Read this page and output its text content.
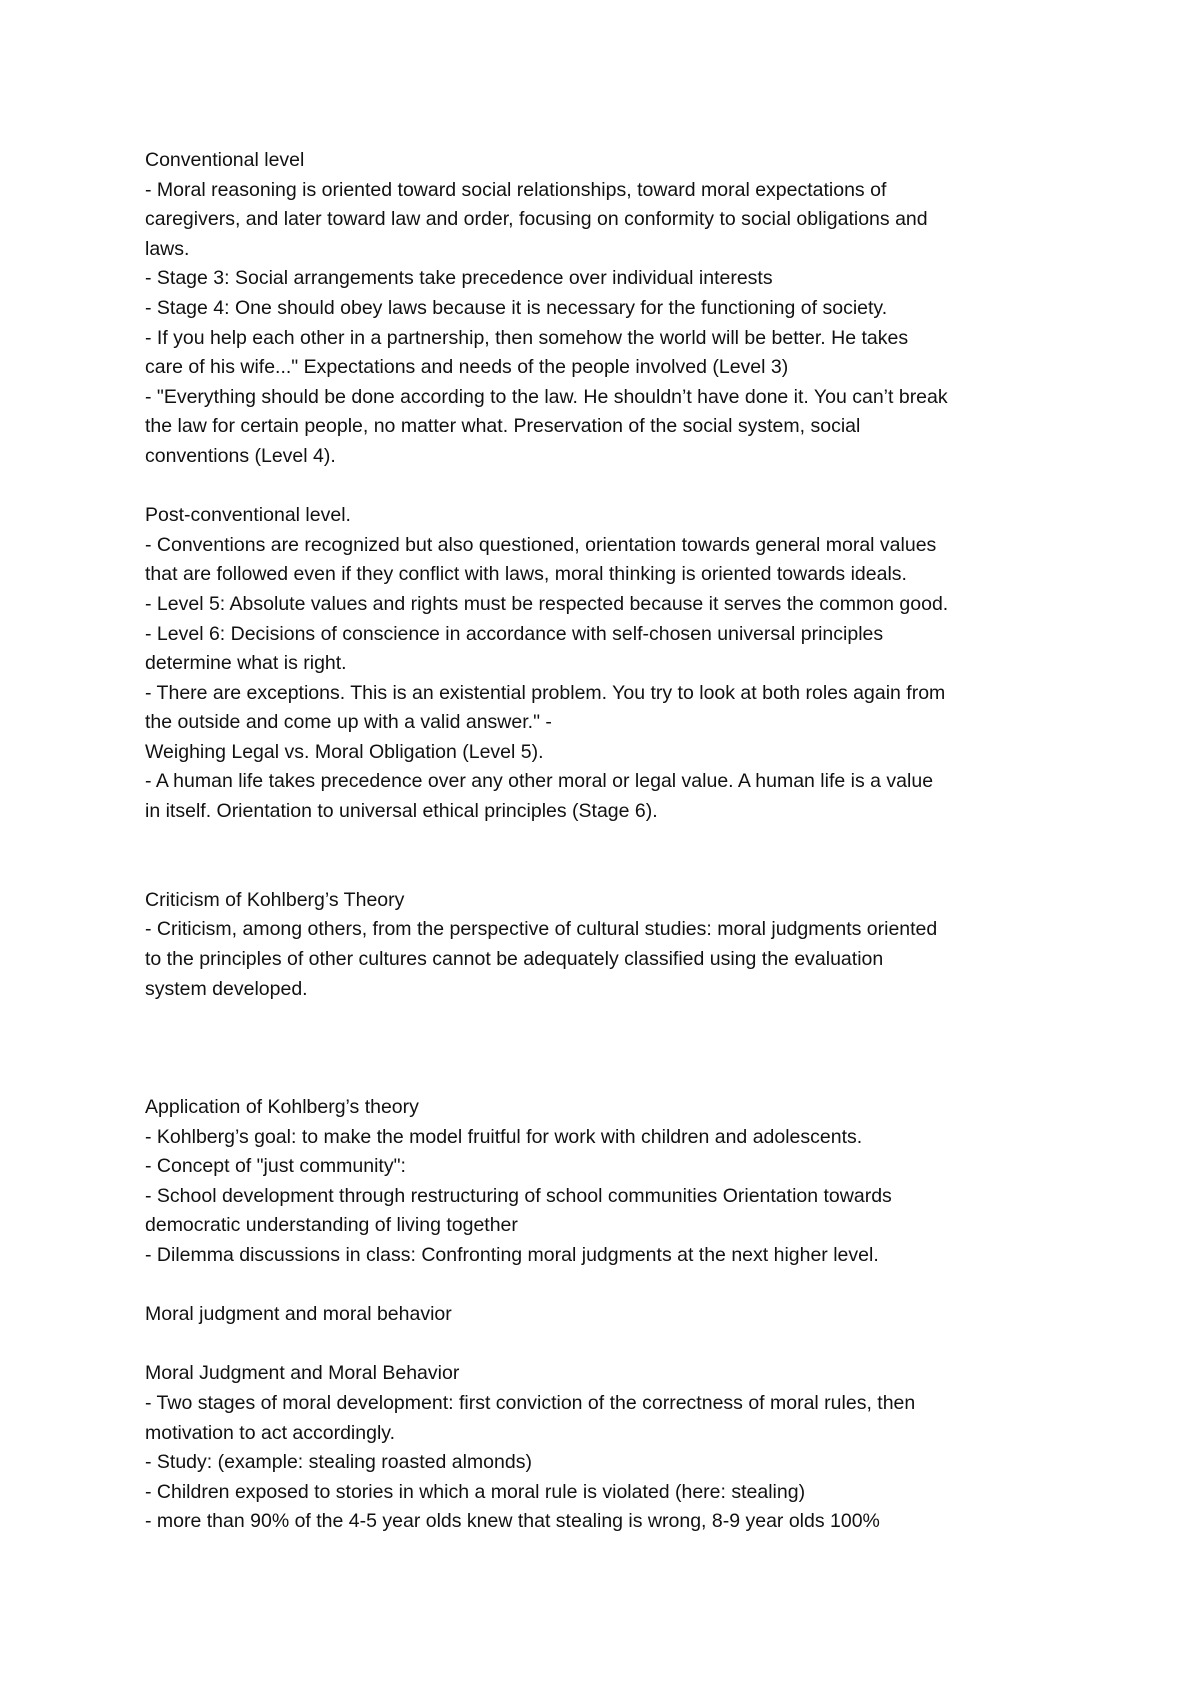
Conventional level
- Moral reasoning is oriented toward social relationships, toward moral expectations of
caregivers, and later toward law and order, focusing on conformity to social obligations and
laws.
- Stage 3: Social arrangements take precedence over individual interests
- Stage 4: One should obey laws because it is necessary for the functioning of society.
- If you help each other in a partnership, then somehow the world will be better. He takes
care of his wife..." Expectations and needs of the people involved (Level 3)
- "Everything should be done according to the law. He shouldn’t have done it. You can’t break
the law for certain people, no matter what. Preservation of the social system, social
conventions (Level 4).
Post-conventional level.
- Conventions are recognized but also questioned, orientation towards general moral values
that are followed even if they conflict with laws, moral thinking is oriented towards ideals.
- Level 5: Absolute values and rights must be respected because it serves the common good.
- Level 6: Decisions of conscience in accordance with self-chosen universal principles
determine what is right.
- There are exceptions. This is an existential problem. You try to look at both roles again from
the outside and come up with a valid answer." -
Weighing Legal vs. Moral Obligation (Level 5).
- A human life takes precedence over any other moral or legal value. A human life is a value
in itself. Orientation to universal ethical principles (Stage 6).
Criticism of Kohlberg’s Theory
- Criticism, among others, from the perspective of cultural studies: moral judgments oriented
to the principles of other cultures cannot be adequately classified using the evaluation
system developed.
Application of Kohlberg’s theory
- Kohlberg’s goal: to make the model fruitful for work with children and adolescents.
- Concept of "just community":
- School development through restructuring of school communities Orientation towards
democratic understanding of living together
- Dilemma discussions in class: Confronting moral judgments at the next higher level.
Moral judgment and moral behavior
Moral Judgment and Moral Behavior
- Two stages of moral development: first conviction of the correctness of moral rules, then
motivation to act accordingly.
- Study: (example: stealing roasted almonds)
- Children exposed to stories in which a moral rule is violated (here: stealing)
- more than 90% of the 4-5 year olds knew that stealing is wrong, 8-9 year olds 100%
